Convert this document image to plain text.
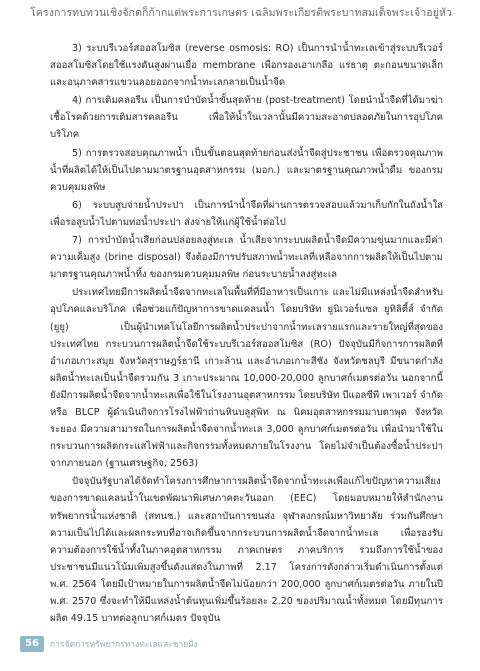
โครงการทบทวนเชิงจักตก็ก้ากแต่พระการเกษตร เฉลิมพระเกียรติพระบาทสมเด็จพระเจ้าอยู่หัว

3) ระบบรีเวอร์สออสโมซิส (reverse osmosis: RO) เป็นการนำน้ำทะเลเข้าสู่ระบบรีเวอร์สออสโมซิสโดยใช้แรงดันสูงผ่านเยื่อ membrane เพื่อกรองเอาเกลือ แร่ธาตุ ตะกอนขนาดเล็ก และอนุภาคสารแขวนลอยออกจากน้ำทะเลกลายเป็นน้ำจืด

4) การเติมคลอรีน เป็นการบำบัดน้ำขั้นสุดท้าย (post-treatment) โดยนำน้ำจืดที่ได้มาฆ่าเชื้อโรคด้วยการเติมสารคลอรีน เพื่อให้น้ำในเวลานั้นมีความสะอาดปลอดภัยในการอุปโภคบริโภค

5) การตรวจสอบคุณภาพน้ำ เป็นขั้นตอนสุดท้ายก่อนส่งน้ำจืดสู่ประชาชน เพื่อตรวจคุณภาพน้ำที่ผลิตได้ให้เป็นไปตามมาตรฐานอุตสาหกรรม (มอก.) และมาตรฐานคุณภาพน้ำดื่ม ของกรมควบคุมมลพิษ

6) ระบบสูบจ่ายน้ำประปา เป็นการนำน้ำจืดที่ผ่านการตรวจสอบแล้วมาเก็บกักในถังน้ำใส เพื่อรอสูบน้ำไปตามท่อน้ำประปา ส่งจ่ายให้แก่ผู้ใช้น้ำต่อไป

7) การบำบัดน้ำเสียก่อนปล่อยลงสู่ทะเล น้ำเสียจากระบบผลิตน้ำจืดมีความขุ่นมากและมีค่าความเค็มสูง (brine disposal) จึงต้องมีการปรับสภาพน้ำทะเลที่เหลือจากการผลิตให้เป็นไปตามมาตรฐานคุณภาพน้ำทิ้ง ของกรมควบคุมมลพิษ ก่อนระบายน้ำลงสู่ทะเล

ประเทศไทยมีการผลิตน้ำจืดจากทะเลในพื้นที่ที่มีอาหารเป็นเกาะ และไม่มีแหล่งน้ำจืดสำหรับอุปโภคและบริโภค เพื่อช่วยแก้ปัญหาการขาดแคลนน้ำ โดยบริษัท ยูนิเวอร์แซล ยูทิลิตี้ส์ จำกัด (ยูยู) เป็นผู้นำเทคโนโลยีการผลิตน้ำประปาจากน้ำทะเลรายแรกและรายใหญ่ที่สุดของประเทศไทย กระบวนการผลิตน้ำจืดใช้ระบบรีเวอร์สออสโมซิส (RO) ปัจจุบันมีกิจการการผลิตที่ อำเภอเกาะสมุย จังหวัดสุราษฎร์ธานี เกาะล้าน และอำเภอเกาะสีชัง จังหวัดชลบุรี มีขนาดกำลังผลิตน้ำทะเลเป็นน้ำจืดรวมกัน 3 เกาะประมาณ 10,000-20,000 ลูกบาศก์เมตรต่อวัน นอกจากนี้ยังมีการผลิตน้ำจืดจากน้ำทะเลเพื่อใช้ในโรงงานอุตสาหกรรม โดยบริษัท บีแอลซีพี เพาเวอร์ จำกัด หรือ BLCP ผู้ดำเนินกิจการโรงไฟฟ้าถ่านหินบลูสุพิท ณ นิคมอุตสาหกรรมมาบตาพุด จังหวัดระยอง มีความสามารถในการผลิตน้ำจืดจากน้ำทะเล 3,000 ลูกบาศก์เมตรต่อวัน เพื่อนำมาใช้ในกระบวนการผลิตกระแสไฟฟ้าและกิจกรรมทั้งหมดภายในโรงงาน โดยไม่จำเป็นต้องซื้อน้ำประปาจากภายนอก (ฐานเศรษฐกิจ, 2563)

ปัจจุบันรัฐบาลได้จัดทำโครงการศึกษาการผลิตน้ำจืดจากน้ำทะเลเพื่อแก้ไขปัญหาความเสี่ยงของการขาดแคลนน้ำในเขตพัฒนาพิเศษภาคตะวันออก (EEC) โดยมอบหมายให้สำนักงานทรัพยากรน้ำแห่งชาติ (สทนช.) และสถาบันการขนส่ง จุฬาลงกรณ์มหาวิทยาลัย ร่วมกันศึกษาความเป็นไปได้และผลกระทบที่อาจเกิดขึ้นจากกระบวนการผลิตน้ำจืดจากน้ำทะเล เพื่อรองรับความต้องการใช้น้ำทั้งในภาคอุตสาหกรรม ภาคเกษตร ภาคบริการ รวมถึงการใช้น้ำของประชาชนมีแนวโน้มเพิ่มสูงขึ้นดังแสดงในภาพที่ 2.17 โครงการดังกล่าวเริ่มดำเนินการตั้งแต่ พ.ศ. 2564 โดยมีเป้าหมายในการผลิตน้ำจืดไม่น้อยกว่า 200,000 ลูกบาศก์เมตรต่อวัน ภายในปี พ.ศ. 2570 ซึ่งจะทำให้มีแหล่งน้ำต้นทุนเพิ่มขึ้นร้อยละ 2.20 ของปริมาณน้ำทั้งหมด โดยมีทุนการผลิต 49.15 บาทต่อลูกบาศก์เมตร ปัจจุบัน

56	การจัดการทรัพยากรทางทะเลและชายฝั่ง
